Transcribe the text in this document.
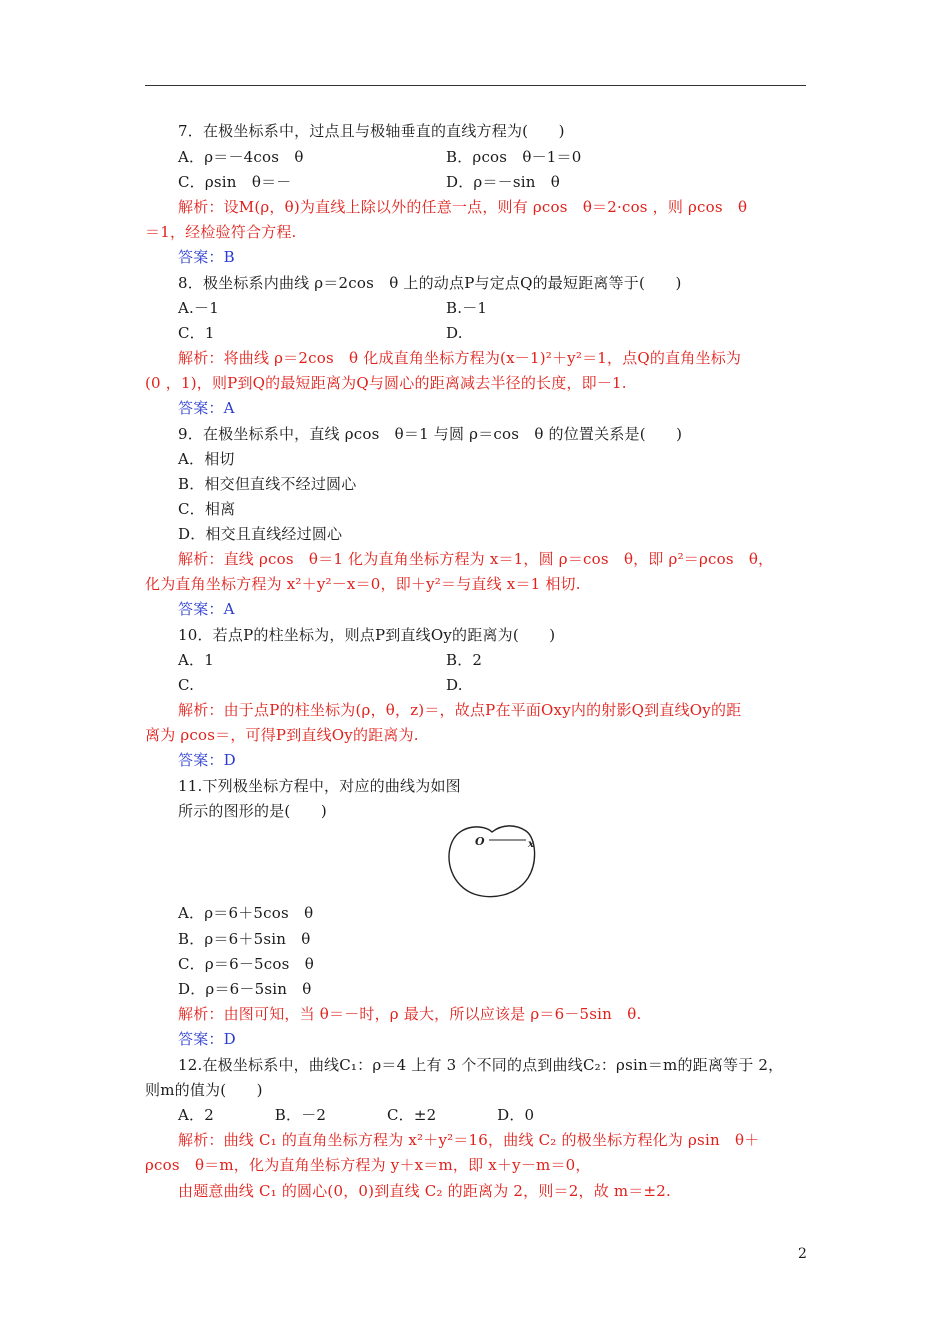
7．在极坐标系中，过点且与极轴垂直的直线方程为(　　)
A．ρ＝－4cos　θ	B．ρcos　θ－1＝0
C．ρsin　θ＝－	D．ρ＝－sin　θ
解析：设M(ρ，θ)为直线上除以外的任意一点，则有 ρcos　θ＝2·cos ，则 ρcos　θ
＝1，经检验符合方程.
答案：B
8．极坐标系内曲线 ρ＝2cos　θ 上的动点P与定点Q的最短距离等于(　　)
A.－1	B.－1
C．1	D.
解析：将曲线 ρ＝2cos　θ 化成直角坐标方程为(x－1)²＋y²＝1，点Q的直角坐标为
(0 ，1)，则P到Q的最短距离为Q与圆心的距离减去半径的长度，即－1.
答案：A
9．在极坐标系中，直线 ρcos　θ＝1 与圆 ρ＝cos　θ 的位置关系是(　　)
A．相切
B．相交但直线不经过圆心
C．相离
D．相交且直线经过圆心
解析：直线 ρcos　θ＝1 化为直角坐标方程为 x＝1，圆 ρ＝cos　θ，即 ρ²＝ρcos　θ，
化为直角坐标方程为 x²＋y²－x＝0，即＋y²＝与直线 x＝1 相切.
答案：A
10．若点P的柱坐标为，则点P到直线Oy的距离为(　　)
A．1	B．2
C.	D.
解析：由于点P的柱坐标为(ρ，θ，z)＝，故点P在平面Oxy内的射影Q到直线Oy的距
离为 ρcos＝，可得P到直线Oy的距离为.
答案：D
11.下列极坐标方程中，对应的曲线为如图
所示的图形的是(　　)
O	x
A．ρ＝6＋5cos　θ
B．ρ＝6＋5sin　θ
C．ρ＝6－5cos　θ
D．ρ＝6－5sin　θ
解析：由图可知，当 θ＝－时，ρ 最大，所以应该是 ρ＝6－5sin　θ.
答案：D
12.在极坐标系中，曲线C₁：ρ＝4 上有 3 个不同的点到曲线C₂：ρsin＝m的距离等于 2，
则m的值为(　　)
A．2　　　　B．－2　　　　C．±2　　　　D．0
解析：曲线 C₁ 的直角坐标方程为 x²＋y²＝16，曲线 C₂ 的极坐标方程化为 ρsin　θ＋
ρcos　θ＝m，化为直角坐标方程为 y＋x＝m，即 x＋y－m＝0，
由题意曲线 C₁ 的圆心(0，0)到直线 C₂ 的距离为 2，则＝2，故 m＝±2.
2
